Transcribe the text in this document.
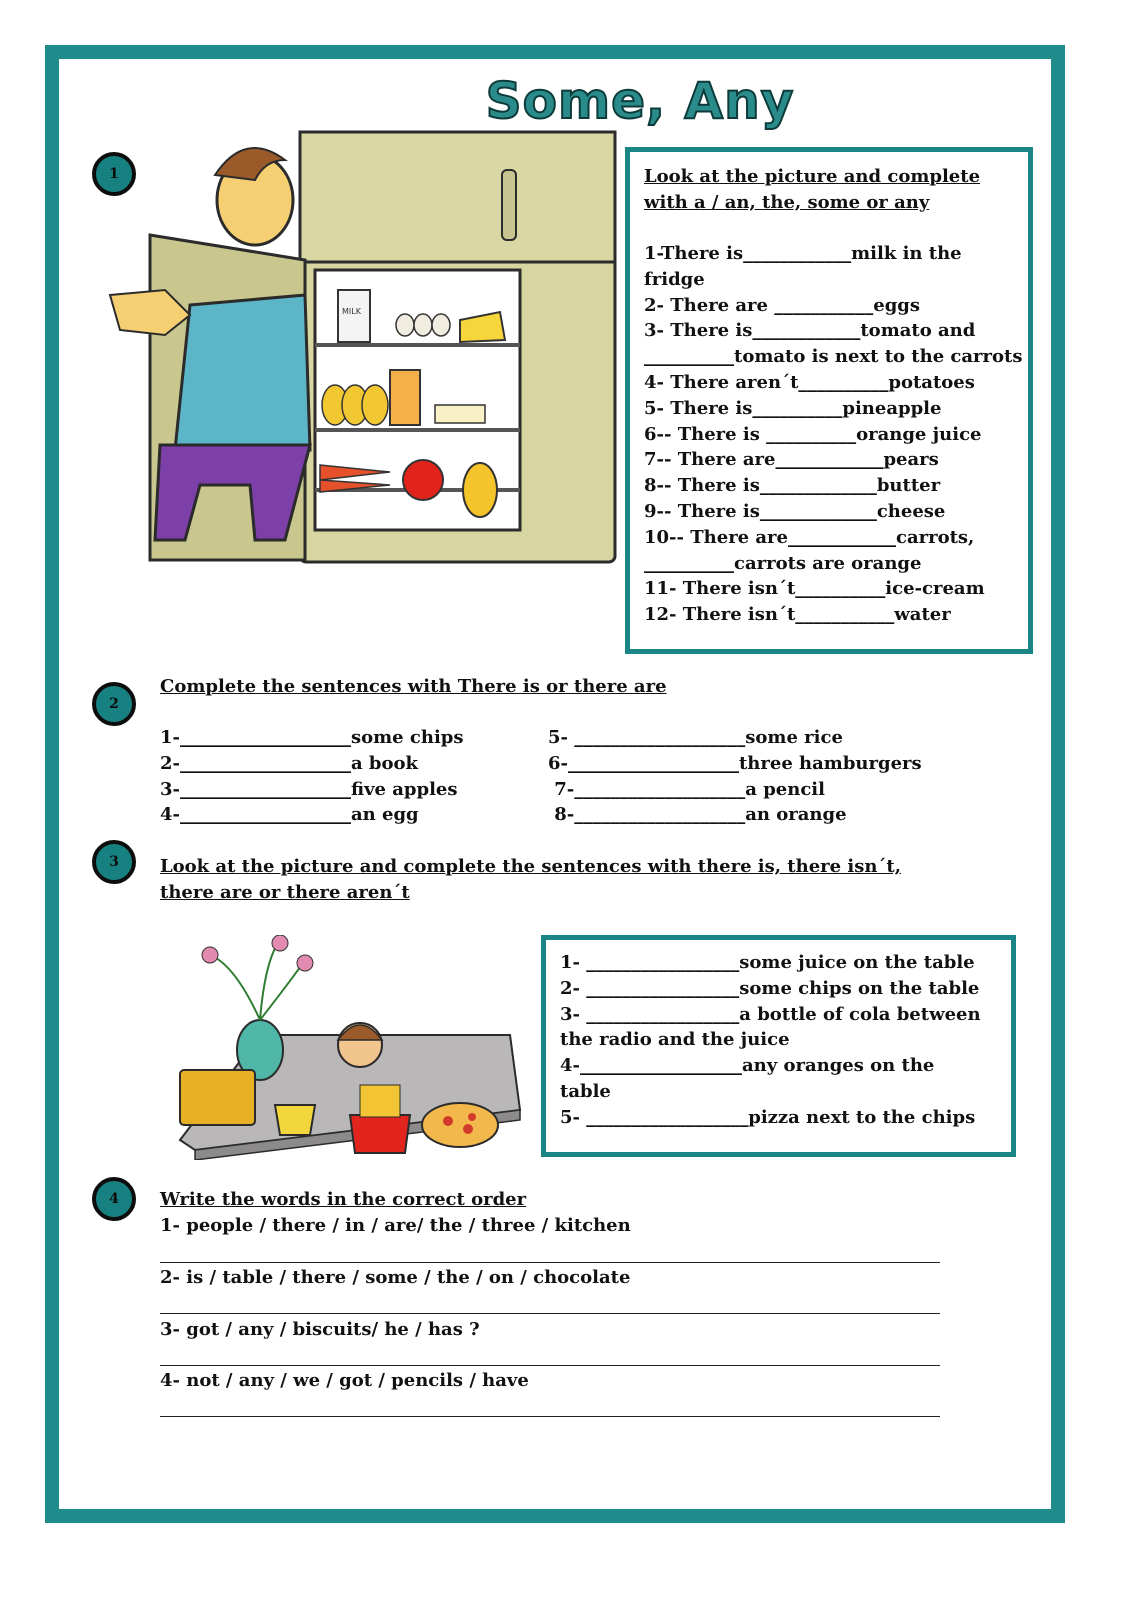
Some, Any
1
MILK
Look at the picture and complete with a / an, the, some or any
1-There is____________milk in the
fridge
2- There are ___________eggs
3- There is____________tomato and
__________tomato is next to the carrots
4- There aren´t__________potatoes
5- There is__________pineapple
6-- There is __________orange juice
7-- There are____________pears
8-- There is_____________butter
9-- There is_____________cheese
10-- There are____________carrots,
__________carrots are orange
11- There isn´t__________ice-cream
12- There isn´t___________water
2
Complete the sentences with There is or there are
1-___________________some chips
2-___________________a book
3-___________________five apples
4-___________________an egg
5- ___________________some rice
6-___________________three hamburgers
7-___________________a pencil
8-___________________an orange
3	Look at the picture and complete the sentences with there is, there isn´t, there are or there aren´t
1- _________________some juice on the table
2- _________________some chips on the table
3- _________________a bottle of cola between
the radio and the juice
4-__________________any oranges on the
table
5- __________________pizza next to the chips
4	Write the words in the correct order
1- people / there / in / are/ the / three / kitchen
2- is / table / there / some / the / on / chocolate
3- got / any / biscuits/ he / has ?
4- not / any / we / got / pencils / have
